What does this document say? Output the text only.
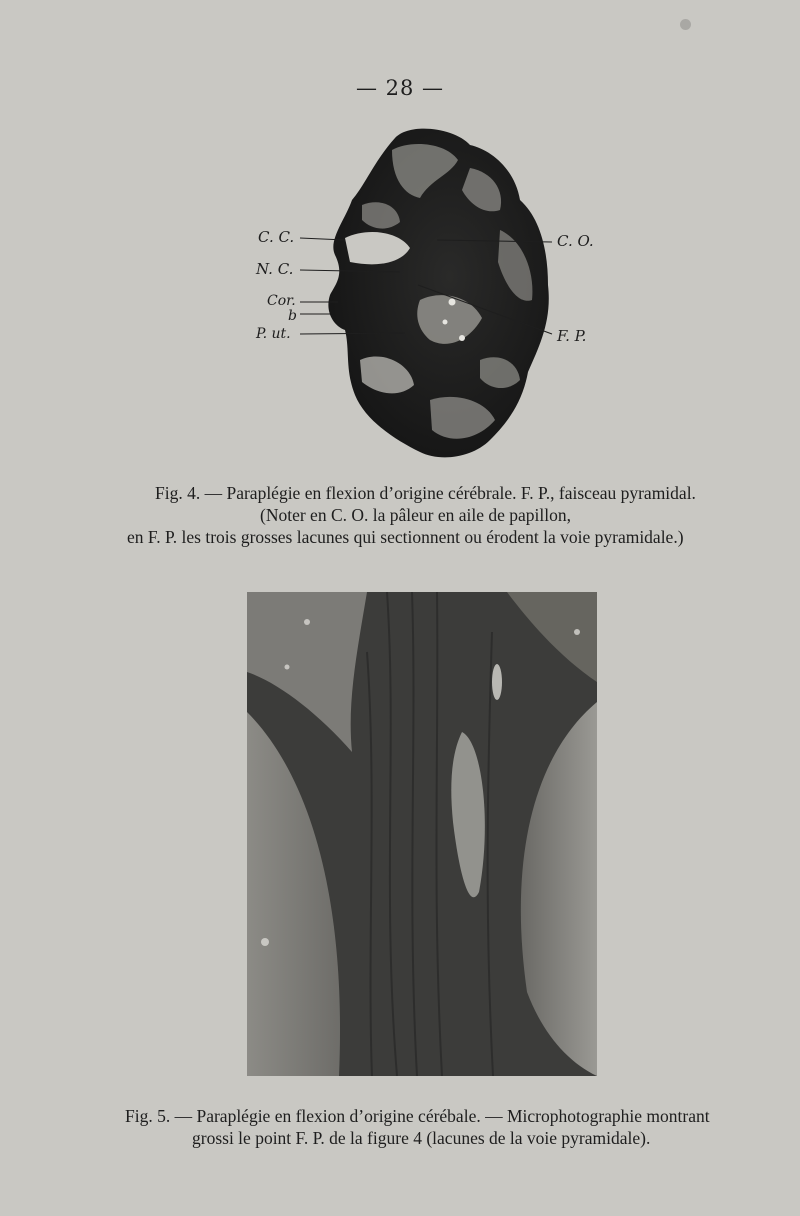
— 28 —
C. C.
N. C.
Cor.
b
P. ut.
C. O.
F. P.
Fig. 4. — Paraplégie en flexion d’origine cérébrale. F. P., faisceau pyramidal.
(Noter en C. O. la pâleur en aile de papillon,
en F. P. les trois grosses lacunes qui sectionnent ou érodent la voie pyramidale.)
Fig. 5. — Paraplégie en flexion d’origine cérébale. — Microphotographie montrant
grossi le point F. P. de la figure 4 (lacunes de la voie pyramidale).
